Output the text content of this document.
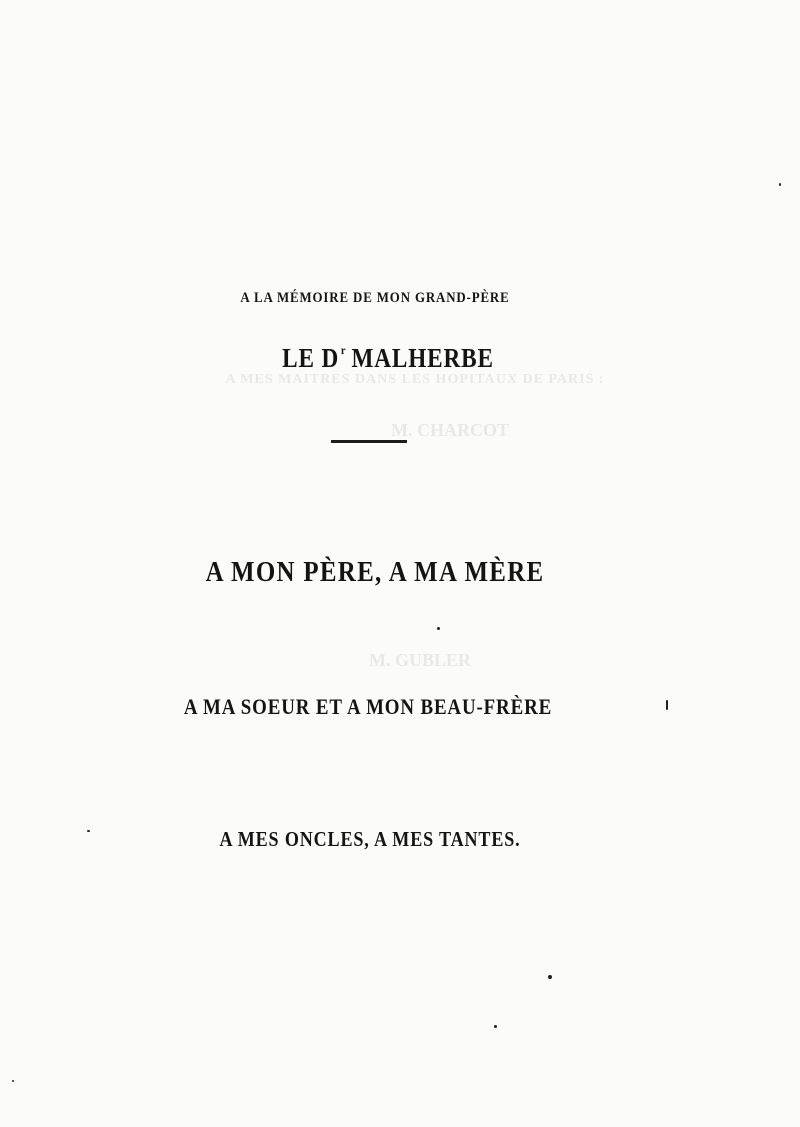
A MES MAITRES DANS LES HOPITAUX DE PARIS :
M. CHARCOT
M. GUBLER
A LA MÉMOIRE DE MON GRAND-PÈRE
LE D $^r$ MALHERBE
A MON PÈRE, A MA MÈRE
A MA SOEUR ET A MON BEAU-FRÈRE
A MES ONCLES, A MES TANTES.
